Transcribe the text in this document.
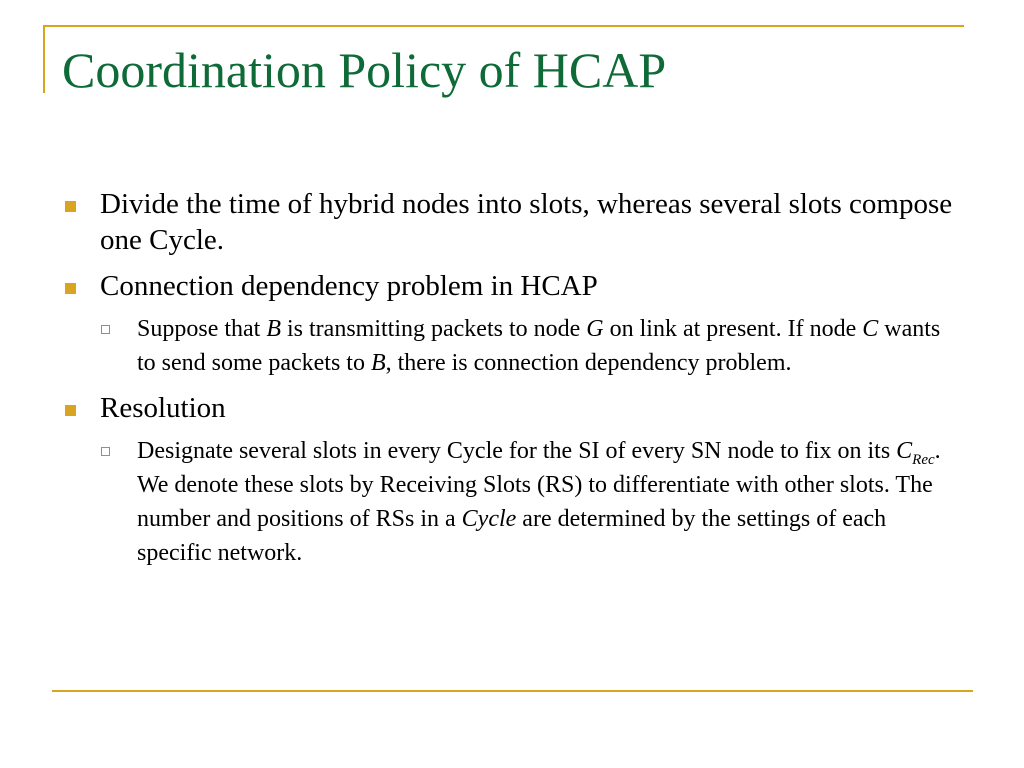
Coordination Policy of HCAP
Divide the time of hybrid nodes into slots, whereas several slots compose one Cycle.
Connection dependency problem in HCAP
Suppose that B is transmitting packets to node G on link at present. If node C wants to send some packets to B, there is connection dependency problem.
Resolution
Designate several slots in every Cycle for the SI of every SN node to fix on its $C_{Rec}$. We denote these slots by Receiving Slots (RS) to differentiate with other slots. The number and positions of RSs in a Cycle are determined by the settings of each specific network.
